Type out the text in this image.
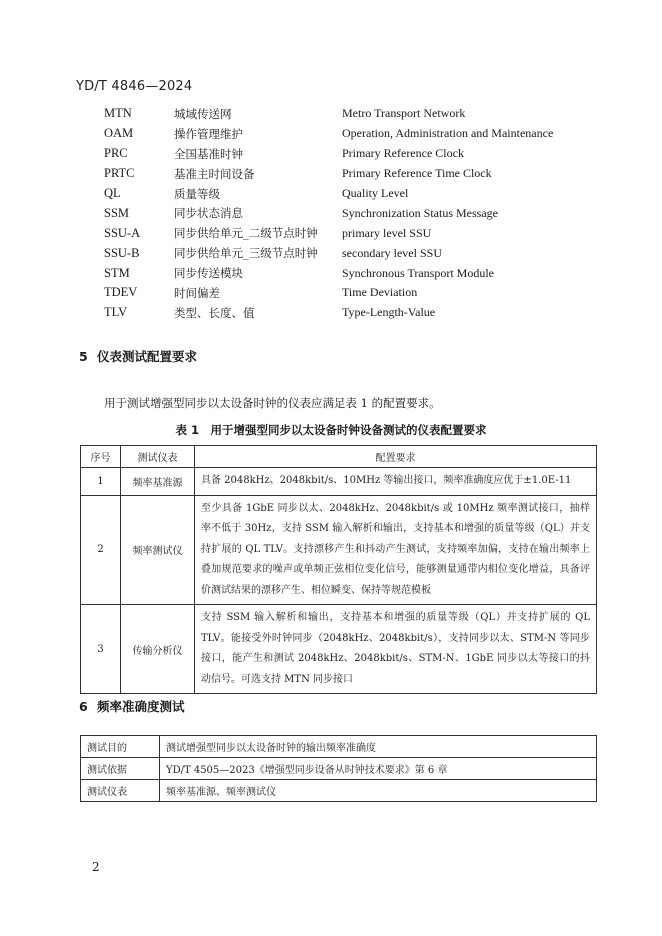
YD/T 4846—2024
MTN	城域传送网	Metro Transport Network
OAM	操作管理维护	Operation, Administration and Maintenance
PRC	全国基准时钟	Primary Reference Clock
PRTC	基准主时间设备	Primary Reference Time Clock
QL	质量等级	Quality Level
SSM	同步状态消息	Synchronization Status Message
SSU-A	同步供给单元_二级节点时钟	primary level SSU
SSU-B	同步供给单元_三级节点时钟	secondary level SSU
STM	同步传送模块	Synchronous Transport Module
TDEV	时间偏差	Time Deviation
TLV	类型、长度、值	Type-Length-Value
5 仪表测试配置要求
用于测试增强型同步以太设备时钟的仪表应满足表 1 的配置要求。
表 1　用于增强型同步以太设备时钟设备测试的仪表配置要求
序号	测试仪表	配置要求
1	频率基准源	具备 2048kHz、2048kbit/s、10MHz 等输出接口，频率准确度应优于±1.0E-11
2	频率测试仪	至少具备 1GbE 同步以太、2048kHz、2048kbit/s 或 10MHz 频率测试接口，抽样率不低于 30Hz，支持 SSM 输入解析和输出，支持基本和增强的质量等级（QL）并支持扩展的 QL TLV。支持漂移产生和抖动产生测试，支持频率加偏，支持在输出频率上叠加规范要求的噪声或单频正弦相位变化信号，能够测量通带内相位变化增益，具备评价测试结果的漂移产生、相位瞬变、保持等规范模板
3	传输分析仪	支持 SSM 输入解析和输出，支持基本和增强的质量等级（QL）并支持扩展的 QL TLV。能接受外时钟同步（2048kHz、2048kbit/s），支持同步以太、STM-N 等同步接口，能产生和测试 2048kHz、2048kbit/s、STM-N、1GbE 同步以太等接口的抖动信号。可选支持 MTN 同步接口
6 频率准确度测试
测试目的	测试增强型同步以太设备时钟的输出频率准确度
测试依据	YD/T 4505—2023《增强型同步设备从时钟技术要求》第 6 章
测试仪表	频率基准源、频率测试仪
2
